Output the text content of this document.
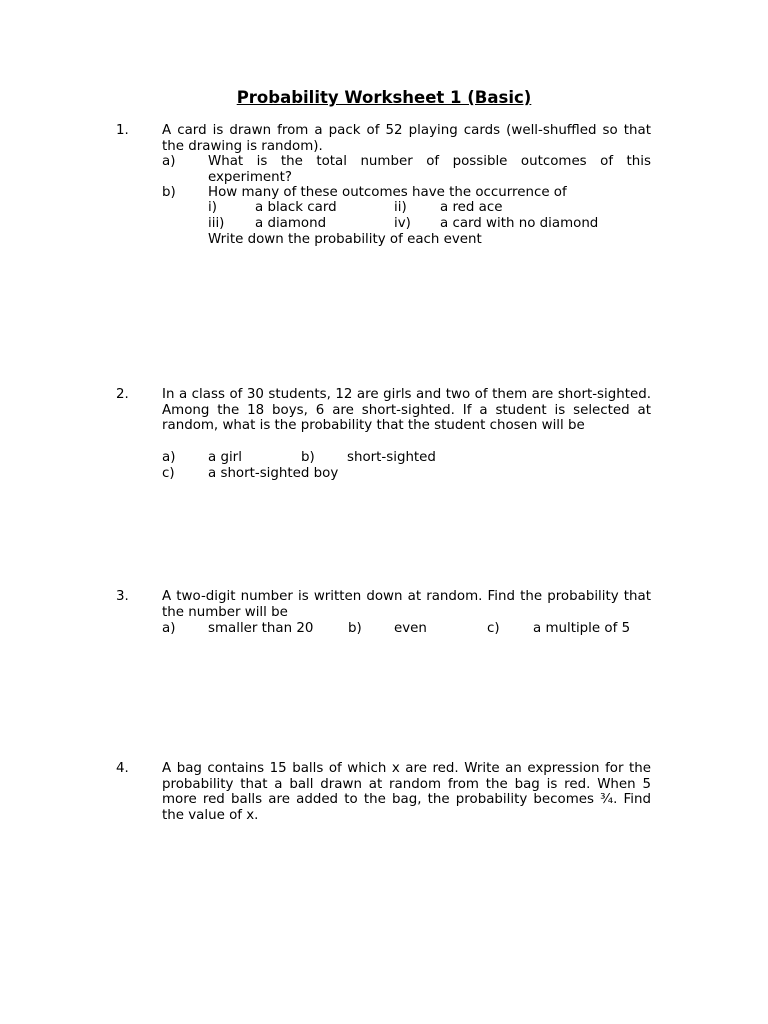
Probability Worksheet 1 (Basic)
1. A card is drawn from a pack of 52 playing cards (well-shuffled so that the drawing is random).
a) What is the total number of possible outcomes of this experiment?
b) How many of these outcomes have the occurrence of
i)	a black card	ii) a red ace
iii) a diamond	iv) a card with no diamond
Write down the probability of each event
2. In a class of 30 students, 12 are girls and two of them are short-sighted. Among the 18 boys, 6 are short-sighted. If a student is selected at random, what is the probability that the student chosen will be
a) a girl	b) short-sighted
c) a short-sighted boy
3. A two-digit number is written down at random. Find the probability that the number will be
a) smaller than 20	b) even	c) a multiple of 5
4. A bag contains 15 balls of which x are red. Write an expression for the probability that a ball drawn at random from the bag is red. When 5 more red balls are added to the bag, the probability becomes ¾. Find the value of x.
